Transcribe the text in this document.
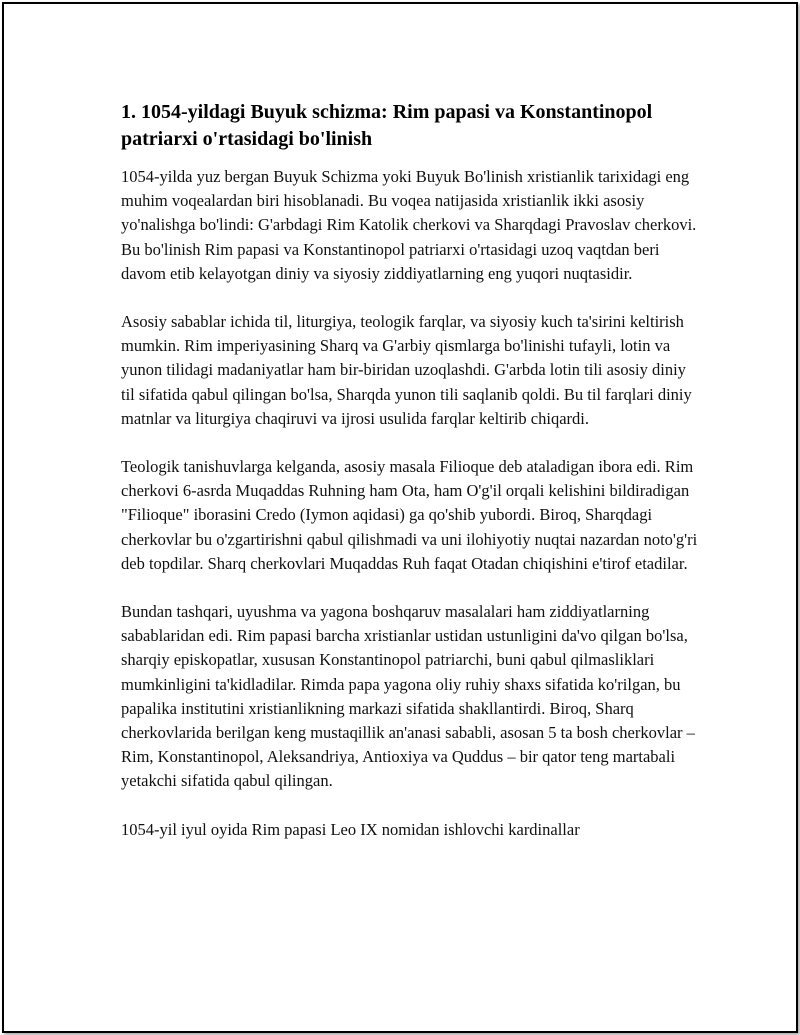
1. 1054-yildagi Buyuk schizma: Rim papasi va Konstantinopol patriarxi o'rtasidagi bo'linish

1054-yilda yuz bergan Buyuk Schizma yoki Buyuk Bo'linish xristianlik tarixidagi eng muhim voqealardan biri hisoblanadi. Bu voqea natijasida xristianlik ikki asosiy yo'nalishga bo'lindi: G'arbdagi Rim Katolik cherkovi va Sharqdagi Pravoslav cherkovi. Bu bo'linish Rim papasi va Konstantinopol patriarxi o'rtasidagi uzoq vaqtdan beri davom etib kelayotgan diniy va siyosiy ziddiyatlarning eng yuqori nuqtasidir.

Asosiy sabablar ichida til, liturgiya, teologik farqlar, va siyosiy kuch ta'sirini keltirish mumkin. Rim imperiyasining Sharq va G'arbiy qismlarga bo'linishi tufayli, lotin va yunon tilidagi madaniyatlar ham bir-biridan uzoqlashdi. G'arbda lotin tili asosiy diniy til sifatida qabul qilingan bo'lsa, Sharqda yunon tili saqlanib qoldi. Bu til farqlari diniy matnlar va liturgiya chaqiruvi va ijrosi usulida farqlar keltirib chiqardi.

Teologik tanishuvlarga kelganda, asosiy masala Filioque deb ataladigan ibora edi. Rim cherkovi 6-asrda Muqaddas Ruhning ham Ota, ham O'g'il orqali kelishini bildiradigan "Filioque" iborasini Credo (Iymon aqidasi) ga qo'shib yubordi. Biroq, Sharqdagi cherkovlar bu o'zgartirishni qabul qilishmadi va uni ilohiyotiy nuqtai nazardan noto'g'ri deb topdilar. Sharq cherkovlari Muqaddas Ruh faqat Otadan chiqishini e'tirof etadilar.

Bundan tashqari, uyushma va yagona boshqaruv masalalari ham ziddiyatlarning sabablaridan edi. Rim papasi barcha xristianlar ustidan ustunligini da'vo qilgan bo'lsa, sharqiy episkopatlar, xususan Konstantinopol patriarchi, buni qabul qilmasliklari mumkinligini ta'kidladilar. Rimda papa yagona oliy ruhiy shaxs sifatida ko'rilgan, bu papalika institutini xristianlikning markazi sifatida shakllantirdi. Biroq, Sharq cherkovlarida berilgan keng mustaqillik an'anasi sababli, asosan 5 ta bosh cherkovlar – Rim, Konstantinopol, Aleksandriya, Antioxiya va Quddus – bir qator teng martabali yetakchi sifatida qabul qilingan.

1054-yil iyul oyida Rim papasi Leo IX nomidan ishlovchi kardinallar
